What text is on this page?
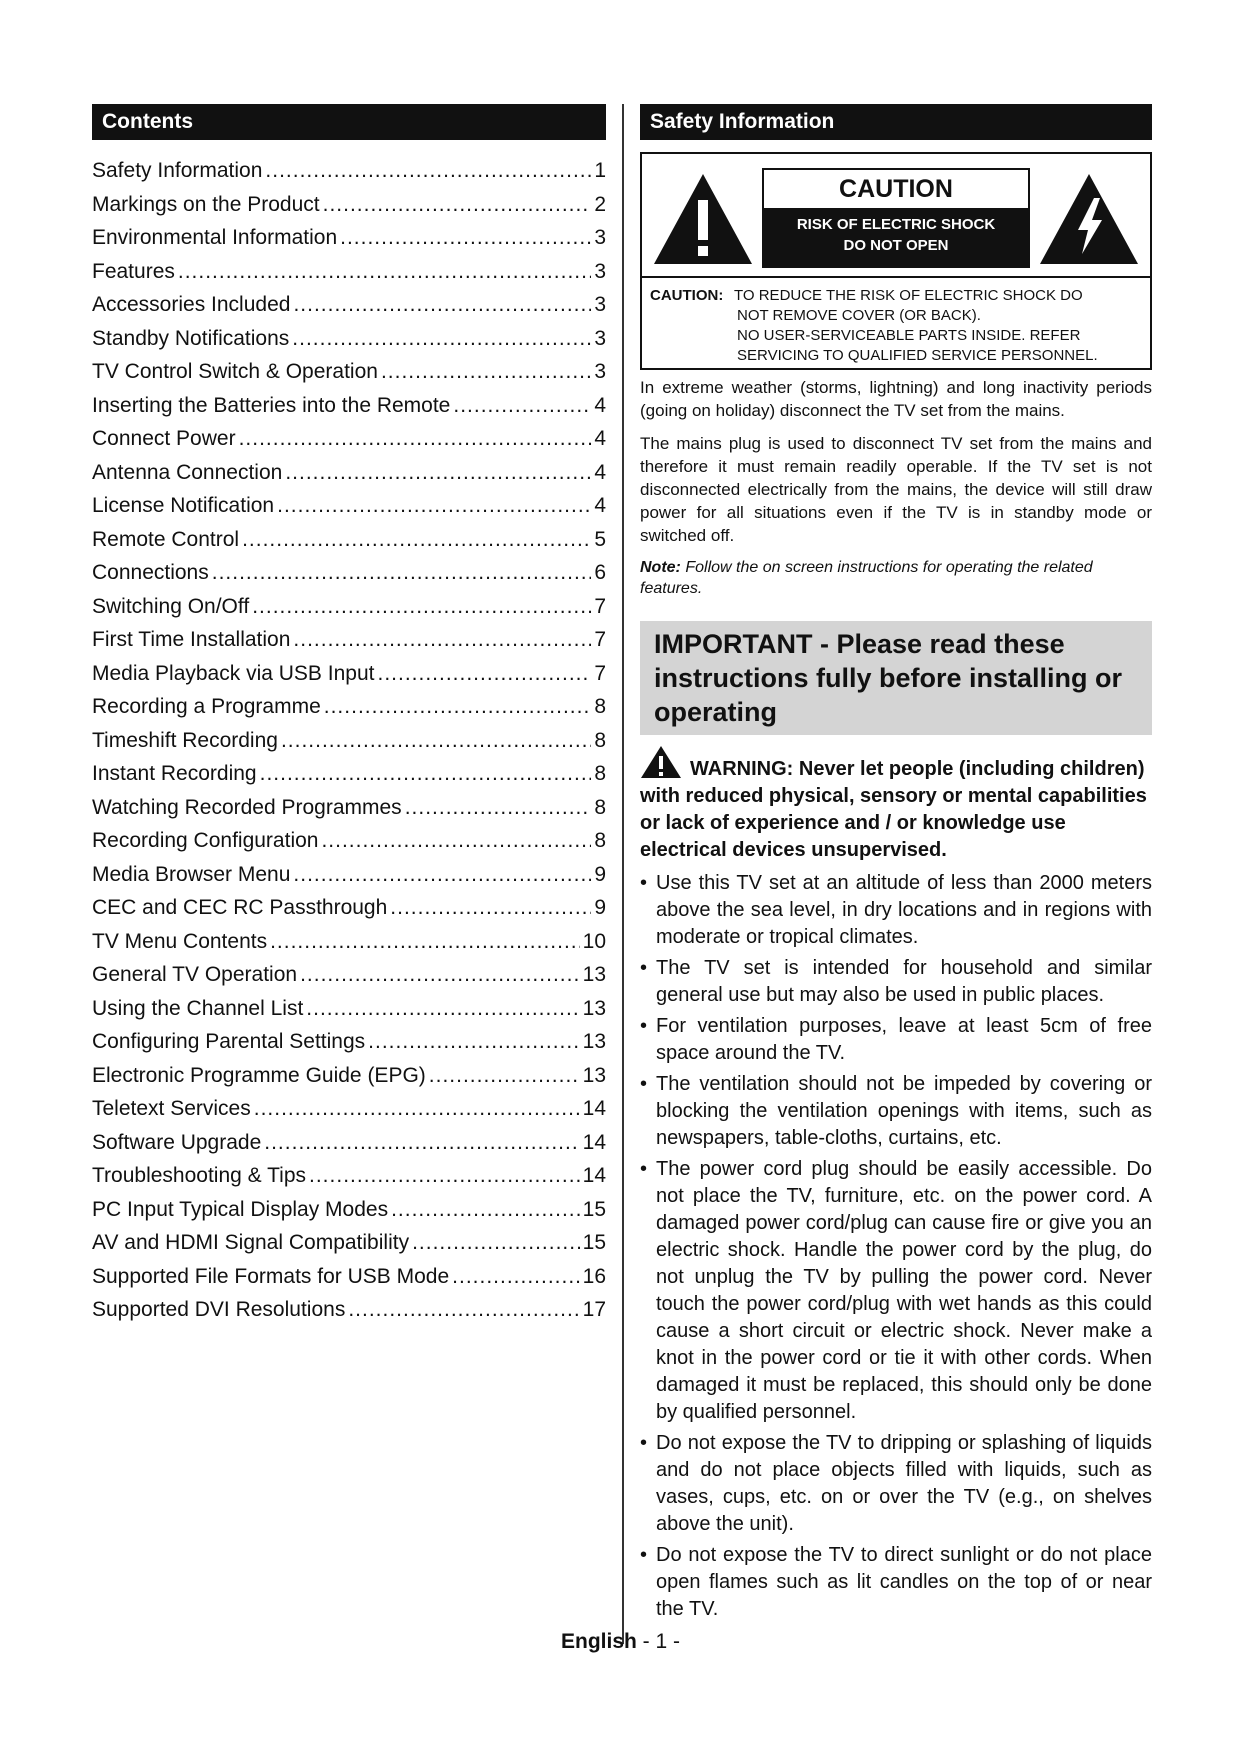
Contents
Safety Information .....	1
Markings on the Product .....	2
Environmental Information .....	3
Features .....	3
Accessories Included .....	3
Standby Notifications .....	3
TV Control Switch & Operation .....	3
Inserting the Batteries into the Remote .....	4
Connect Power .....	4
Antenna Connection .....	4
License Notification .....	4
Remote Control .....	5
Connections .....	6
Switching On/Off .....	7
First Time Installation .....	7
Media Playback via USB Input .....	7
Recording a Programme .....	8
Timeshift Recording .....	8
Instant Recording .....	8
Watching Recorded Programmes .....	8
Recording Configuration .....	8
Media Browser Menu .....	9
CEC and CEC RC Passthrough .....	9
TV Menu Contents .....	10
General TV Operation .....	13
Using the Channel List .....	13
Configuring Parental Settings .....	13
Electronic Programme Guide (EPG) .....	13
Teletext Services .....	14
Software Upgrade .....	14
Troubleshooting & Tips .....	14
PC Input Typical Display Modes .....	15
AV and HDMI Signal Compatibility .....	15
Supported File Formats for USB Mode .....	16
Supported DVI Resolutions .....	17
Safety Information
CAUTION
RISK OF ELECTRIC SHOCK
DO NOT OPEN
CAUTION: TO REDUCE THE RISK OF ELECTRIC SHOCK DO
NOT REMOVE COVER (OR BACK).
NO USER-SERVICEABLE PARTS INSIDE. REFER
SERVICING TO QUALIFIED SERVICE PERSONNEL.

In extreme weather (storms, lightning) and long inactivity periods (going on holiday) disconnect the TV set from the mains.

The mains plug is used to disconnect TV set from the mains and therefore it must remain readily operable. If the TV set is not disconnected electrically from the mains, the device will still draw power for all situations even if the TV is in standby mode or switched off.

Note: Follow the on screen instructions for operating the related features.
IMPORTANT - Please read these instructions fully before installing or operating
WARNING: Never let people (including children) with reduced physical, sensory or mental capabilities or lack of experience and / or knowledge use electrical devices unsupervised.
• Use this TV set at an altitude of less than 2000 meters above the sea level, in dry locations and in regions with moderate or tropical climates.
• The TV set is intended for household and similar general use but may also be used in public places.
• For ventilation purposes, leave at least 5cm of free space around the TV.
• The ventilation should not be impeded by covering or blocking the ventilation openings with items, such as newspapers, table-cloths, curtains, etc.
• The power cord plug should be easily accessible. Do not place the TV, furniture, etc. on the power cord. A damaged power cord/plug can cause fire or give you an electric shock. Handle the power cord by the plug, do not unplug the TV by pulling the power cord. Never touch the power cord/plug with wet hands as this could cause a short circuit or electric shock. Never make a knot in the power cord or tie it with other cords. When damaged it must be replaced, this should only be done by qualified personnel.
• Do not expose the TV to dripping or splashing of liquids and do not place objects filled with liquids, such as vases, cups, etc. on or over the TV (e.g., on shelves above the unit).
• Do not expose the TV to direct sunlight or do not place open flames such as lit candles on the top of or near the TV.
English - 1 -
